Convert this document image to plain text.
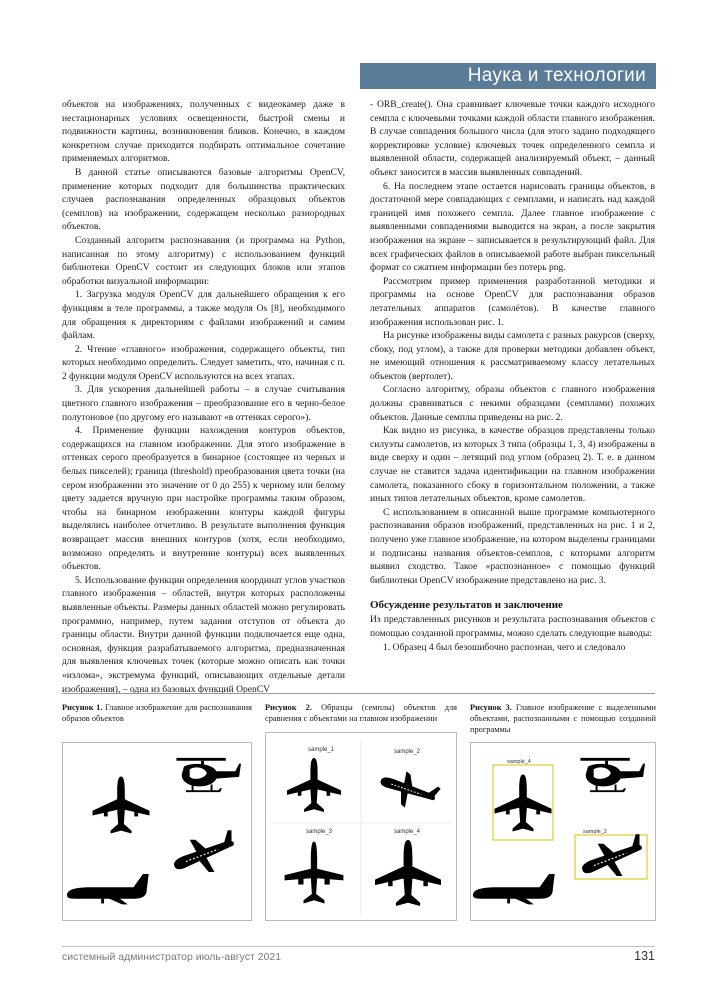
Наука и технологии

объектов на изображениях, полученных с видеокамер даже в нестационарных условиях освещенности, быстрой смены и подвижности картины, возникновения бликов. Конечно, в каждом конкретном случае приходится подбирать оптимальное сочетание применяемых алгоритмов.

В данной статье описываются базовые алгоритмы OpenCV, применение которых подходит для большинства практических случаев распознавания определенных образцовых объектов (семплов) на изображении, содержащем несколько разнородных объектов.

Созданный алгоритм распознавания (и программа на Python, написанная по этому алгоритму) с использованием функций библиотеки OpenCV состоит из следующих блоков или этапов обработки визуальной информации:

1. Загрузка модуля OpenCV для дальнейшего обращения к его функциям в теле программы, а также модуля Os [8], необходимого для обращения к директориям с файлами изображений и самим файлам.

2. Чтение «главного» изображения, содержащего объекты, тип которых необходимо определить. Следует заметить, что, начиная с п. 2 функции модуля OpenCV используются на всех этапах.

3. Для ускорения дальнейшей работы – в случае считывания цветного главного изображения – преобразование его в черно-белое полутоновое (по другому его называют «в оттенках серого»).

4. Применение функции нахождения контуров объектов, содержащихся на главном изображении. Для этого изображение в оттенках серого преобразуется в бинарное (состоящее из черных и белых пикселей); граница (threshold) преобразования цвета точки (на сером изображении это значение от 0 до 255) к черному или белому цвету задается вручную при настройке программы таким образом, чтобы на бинарном изображении контуры каждой фигуры выделялись наиболее отчетливо. В результате выполнения функция возвращает массив внешних контуров (хотя, если необходимо, возможно определять и внутренние контуры) всех выявленных объектов.

5. Использование функции определения координат углов участков главного изображения – областей, внутри которых расположены выявленные объекты. Размеры данных областей можно регулировать программно, например, путем задания отступов от объекта до границы области. Внутри данной функции подключается еще одна, основная, функция разрабатываемого алгоритма, предназначенная для выявления ключевых точек (которые можно описать как точки «излома», экстремума функций, описывающих отдельные детали изображения), – одна из базовых функций OpenCV

- ORB_create(). Она сравнивает ключевые точки каждого исходного семпла с ключевыми точками каждой области главного изображения. В случае совпадения большого числа (для этого задано подходящего корректировке условие) ключевых точек определенного семпла и выявленной области, содержащей анализируемый объект, – данный объект заносится в массив выявленных совпадений.

6. На последнем этапе остается нарисовать границы объектов, в достаточной мере совпадающих с семплами, и написать над каждой границей имя похожего семпла. Далее главное изображение с выявленными совпадениями выводится на экран, а после закрытия изображения на экране – записывается в результирующий файл. Для всех графических файлов в описываемой работе выбран пиксельный формат со сжатием информации без потерь png.

Рассмотрим пример применения разработанной методики и программы на основе OpenCV для распознавания образов летательных аппаратов (самолётов). В качестве главного изображения использован рис. 1.

На рисунке изображены виды самолета с разных ракурсов (сверху, сбоку, под углом), а также для проверки методики добавлен объект, не имеющий отношения к рассматриваемому классу летательных объектов (вертолет).

Согласно алгоритму, образы объектов с главного изображения должны сравниваться с некими образцами (семплами) похожих объектов. Данные семплы приведены на рис. 2.

Как видно из рисунка, в качестве образцов представлены только силуэты самолетов, из которых 3 типа (образцы 1, 3, 4) изображены в виде сверху и один – летящий под углом (образец 2). Т. е. в данном случае не ставится задача идентификации на главном изображении самолета, показанного сбоку в горизонтальном положении, а также иных типов летательных объектов, кроме самолетов.

С использованием в описанной выше программе компьютерного распознавания образов изображений, представленных на рис. 1 и 2, получено уже главное изображение, на котором выделены границами и подписаны названия объектов-семплов, с которыми алгоритм выявил сходство. Такое «распознанное» с помощью функций библиотеки OpenCV изображение представлено на рис. 3.

Обсуждение результатов и заключение

Из представленных рисунков и результата распознавания объектов с помощью созданной программы, можно сделать следующие выводы:

1. Образец 4 был безошибочно распознан, чего и следовало

Рисунок 1. Главное изображение для распознавания образов объектов
Рисунок 2. Образцы (семплы) объектов для сравнения с объектами на главном изображении
sample_1	sample_2
sample_3	sample_4
Рисунок 3. Главное изображение с выделенными объектами, распознанными с помощью созданной программы
sample_4
sample_2
системный администратор июль-август 2021	131
